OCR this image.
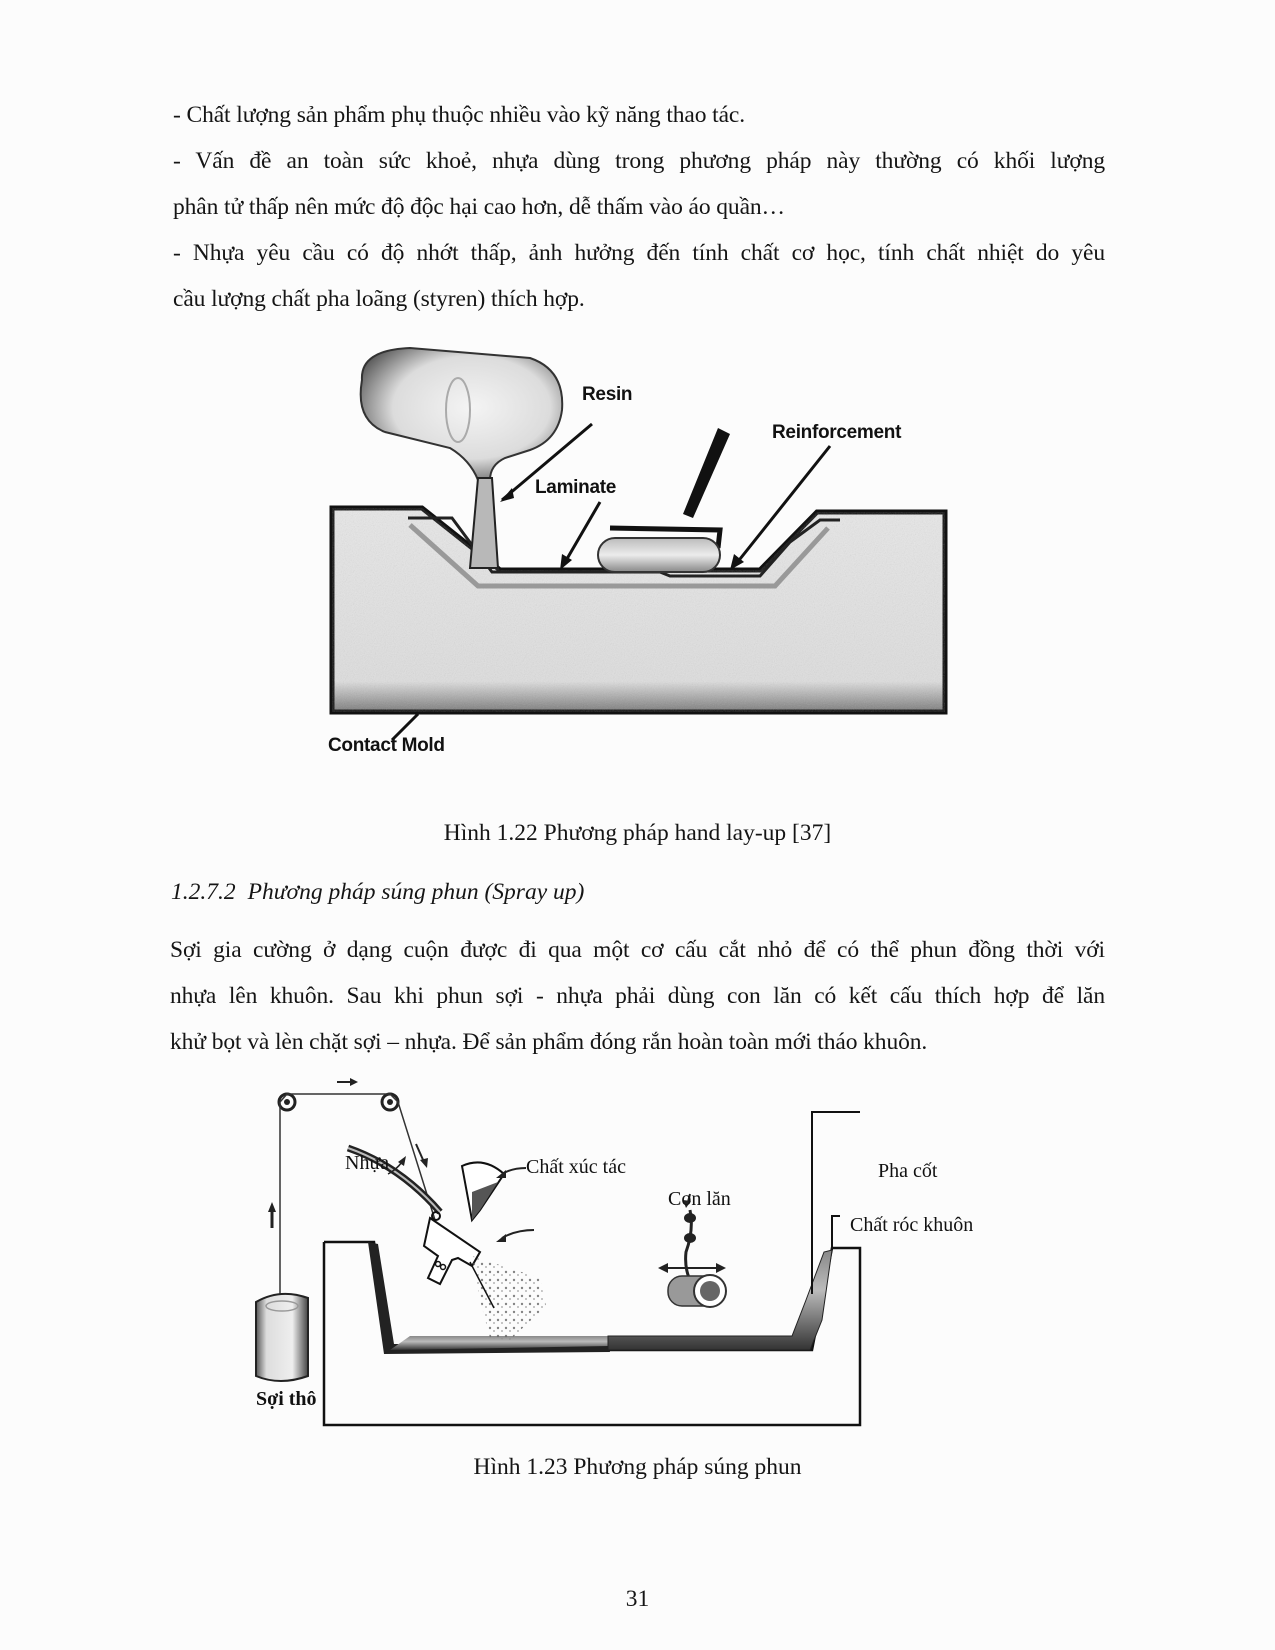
- Chất lượng sản phẩm phụ thuộc nhiều vào kỹ năng thao tác.
- Vấn đề an toàn sức khoẻ, nhựa dùng trong phương pháp này thường có khối lượng
phân tử thấp nên mức độ độc hại cao hơn, dễ thấm vào áo quần…
- Nhựa yêu cầu có độ nhớt thấp, ảnh hưởng đến tính chất cơ học, tính chất nhiệt do yêu
cầu lượng chất pha loãng (styren) thích hợp.
Resin
Reinforcement
Laminate
Contact Mold
Hình 1.22 Phương pháp hand lay-up [37]
1.2.7.2 Phương pháp súng phun (Spray up)
Sợi gia cường ở dạng cuộn được đi qua một cơ cấu cắt nhỏ để có thể phun đồng thời với
nhựa lên khuôn. Sau khi phun sợi - nhựa phải dùng con lăn có kết cấu thích hợp để lăn
khử bọt và lèn chặt sợi – nhựa. Để sản phẩm đóng rắn hoàn toàn mới tháo khuôn.
Nhựa	Chất xúc tác
Con lăn
Pha cốt
Chất róc khuôn
Sợi thô
Hình 1.23 Phương pháp súng phun
31
